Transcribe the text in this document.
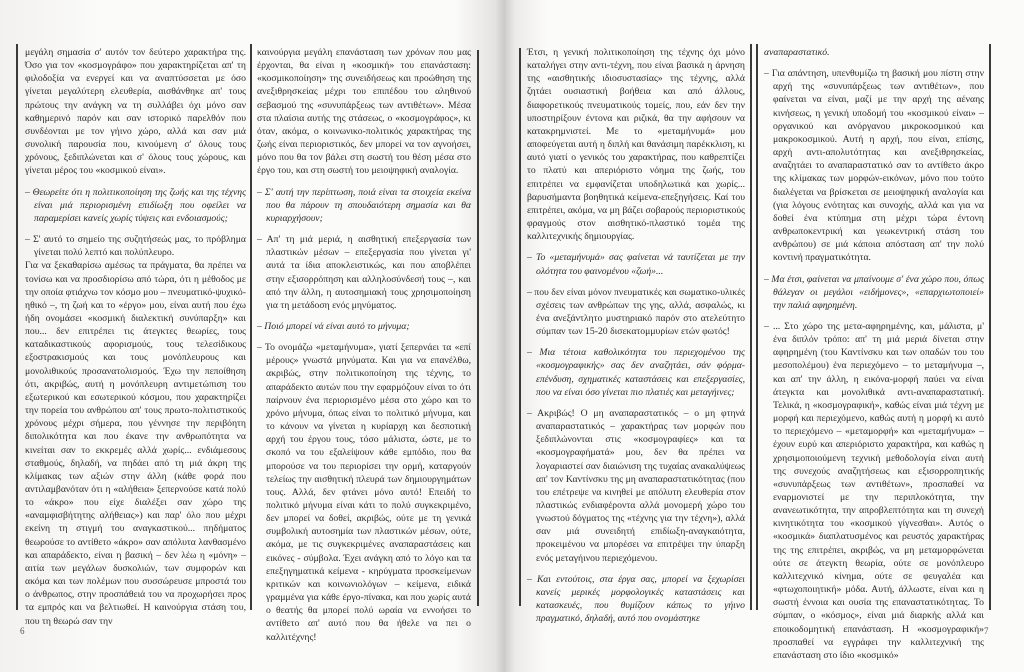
μεγάλη σημασία σ' αυτόν τον δεύτερο χαρακτήρα της. Όσο για τον «κοσμογράφο» που χαρακτηρίζεται απ' τη φιλοδοξία να ενεργεί και να αναπτύσσεται με όσο γίνεται μεγαλύτερη ελευθερία, αισθάνθηκε απ' τους πρώτους την ανάγκη να τη συλλάβει όχι μόνο σαν καθημερινό παρόν και σαν ιστορικό παρελθόν που συνδέονται με τον γήινο χώρο, αλλά και σαν μιά συνολική παρουσία που, κινούμενη σ' όλους τους χρόνους, ξεδιπλώνεται και σ' όλους τους χώρους, και γίνεται μέρος του «κοσμικού είναι».

– Θεωρείτε ότι η πολιτικοποίηση της ζωής και της τέχνης είναι μιά περιορισμένη επιδίωξη που οφείλει να παραμερίσει κανείς χωρίς τύψεις και ενδοιασμούς;

– Σ' αυτό το σημείο της συζητήσεώς μας, το πρόβλημα γίνεται πολύ λεπτό και πολύπλευρο.

Για να ξεκαθαρίσω αμέσως τα πράγματα, θα πρέπει να τονίσω και να προσδιορίσω από τώρα, ότι η μέθοδος με την οποία φτιάχνω τον κόσμο μου – πνευματικό-ψυχικό-ηθικό –, τη ζωή και το «έργο» μου, είναι αυτή που έχω ήδη ονομάσει «κοσμική διαλεκτική συνύπαρξη» και που... δεν επιτρέπει τις άτεγκτες θεωρίες, τους καταδικαστικούς αφορισμούς, τους τελεσίδικους εξοστρακισμούς και τους μονόπλευρους και μονολιθικούς προσανατολισμούς. Έχω την πεποίθηση ότι, ακριβώς, αυτή η μονόπλευρη αντιμετώπιση του εξωτερικού και εσωτερικού κόσμου, που χαρακτηρίζει την πορεία του ανθρώπου απ' τους πρωτο-πολιτιστικούς χρόνους μέχρι σήμερα, που γέννησε την περιβόητη διπολικότητα και που έκανε την ανθρωπότητα να κινείται σαν το εκκρεμές αλλά χωρίς... ενδιάμεσους σταθμούς, δηλαδή, να πηδάει από τη μιά άκρη της κλίμακας των αξιών στην άλλη (κάθε φορά που αντιλαμβανόταν ότι η «αλήθεια» ξεπερνούσε κατά πολύ το «άκρο» που είχε διαλέξει σαν χώρο της «αναμφισβήτητης αλήθειας») και παρ' όλο που μέχρι εκείνη τη στιγμή του αναγκαστικού... πηδήματος θεωρούσε το αντίθετο «άκρο» σαν απόλυτα λανθασμένο και απαράδεκτο, είναι η βασική – δεν λέω η «μόνη» – αιτία των μεγάλων δυσκολιών, των συμφορών και ακόμα και των πολέμων που συσσώρευσε μπροστά του ο άνθρωπος, στην προσπάθειά του να προχωρήσει προς τα εμπρός και να βελτιωθεί. Η καινούργια στάση του, που τη θεωρώ σαν την

καινούργια μεγάλη επανάσταση των χρόνων που μας έρχονται, θα είναι η «κοσμική» του επανάσταση: «κοσμικοποίηση» της συνειδήσεως και προώθηση της ανεξιθρησκείας μέχρι του επιπέδου του αληθινού σεβασμού της «συνυπάρξεως των αντιθέτων». Μέσα στα πλαίσια αυτής της στάσεως, ο «κοσμογράφος», κι όταν, ακόμα, ο κοινωνικο-πολιτικός χαρακτήρας της ζωής είναι περιοριστικός, δεν μπορεί να τον αγνοήσει, μόνο που θα τον βάλει στη σωστή του θέση μέσα στο έργο του, και στη σωστή του μειοψηφική αναλογία.

– Σ' αυτή την περίπτωση, ποιά είναι τα στοιχεία εκείνα που θα πάρουν τη σπουδαιότερη σημασία και θα κυριαρχήσουν;

– Απ' τη μιά μεριά, η αισθητική επεξεργασία των πλαστικών μέσων – επεξεργασία που γίνεται γι' αυτά τα ίδια αποκλειστικώς, και που αποβλέπει στην εξισορρόπηση και αλληλοσύνδεσή τους –, και από την άλλη, η αυτοσημιακή τους χρησιμοποίηση για τη μετάδοση ενός μηνύματος.

– Ποιό μπορεί νά είναι αυτό το μήνυμα;

– Το ονομάζω «μεταμήνυμα», γιατί ξεπερνάει τα «επί μέρους» γνωστά μηνύματα. Και για να επανέλθω, ακριβώς, στην πολιτικοποίηση της τέχνης, το απαράδεκτο αυτών που την εφαρμόζουν είναι το ότι παίρνουν ένα περιορισμένο μέσα στο χώρο και το χρόνο μήνυμα, όπως είναι το πολιτικό μήνυμα, και το κάνουν να γίνεται η κυρίαρχη και δεσποτική αρχή του έργου τους, τόσο μάλιστα, ώστε, με το σκοπό να του εξαλείψουν κάθε εμπόδιο, που θα μπορούσε να του περιορίσει την ορμή, καταργούν τελείως την αισθητική πλευρά των δημιουργημάτων τους. Αλλά, δεν φτάνει μόνο αυτό! Επειδή το πολιτικό μήνυμα είναι κάτι το πολύ συγκεκριμένο, δεν μπορεί να δοθεί, ακριβώς, ούτε με τη γενικά συμβολική αυτοσημία των πλαστικών μέσων, ούτε, ακόμα, με τις συγκεκριμένες αναπαραστάσεις και εικόνες - σύμβολα. Έχει ανάγκη από το λόγο και τα επεξηγηματικά κείμενα - κηρύγματα προσκείμενων κριτικών και κοινωνιολόγων – κείμενα, ειδικά γραμμένα για κάθε έργο-πίνακα, και που χωρίς αυτά ο θεατής θα μπορεί πολύ ωραία να εννοήσει το αντίθετο απ' αυτό που θα ήθελε να πει ο καλλιτέχνης!

Έτσι, η γενική πολιτικοποίηση της τέχνης όχι μόνο καταλήγει στην αντι-τέχνη, που είναι βασικά η άρνηση της «αισθητικής ιδιοσυστασίας» της τέχνης, αλλά ζητάει ουσιαστική βοήθεια και από άλλους, διαφορετικούς πνευματικούς τομείς, που, εάν δεν την υποστηρίξουν έντονα και ριζικά, θα την αφήσουν να κατακρημνιστεί. Με το «μεταμήνυμά» μου αποφεύγεται αυτή η διπλή και θανάσιμη παρέκκλιση, κι αυτό γιατί ο γενικός του χαρακτήρας, που καθρεπτίζει το πλατύ και απεριόριστο νόημα της ζωής, του επιτρέπει να εμφανίζεται υποδηλωτικά και χωρίς... βαρυσήμαντα βοηθητικά κείμενα-επεξηγήσεις. Καί του επιτρέπει, ακόμα, να μη βάζει σοβαρούς περιοριστικούς φραγμούς στον αισθητικό-πλαστικό τομέα της καλλιτεχνικής δημιουργίας.

– Το «μεταμήνυμά» σας φαίνεται νά ταυτίζεται με την ολότητα του φαινομένου «ζωή»...

– που δεν είναι μόνον πνευματικές και σωματικο-υλικές σχέσεις των ανθρώπων της γης, αλλά, ασφαλώς, κι ένα ανεξάντλητο μυστηριακό παρόν στο ατελεύτητο σύμπαν των 15-20 δισεκατομμυρίων ετών φωτός!

– Μια τέτοια καθολικότητα του περιεχομένου της «κοσμογραφικής» σας δεν αναζητάει, σάν φόρμα-επένδυση, σχηματικές καταστάσεις και επεξεργασίες, που να είναι όσο γίνεται πιο πλατιές και μεταγήινες;

– Ακριβώς! Ο μη αναπαραστατικός – ο μη φτηνά αναπαραστατικός – χαρακτήρας των μορφών που ξεδιπλώνονται στις «κοσμογραφίες» και τα «κοσμογραφήματά» μου, δεν θα πρέπει να λογαριαστεί σαν διαιώνιση της τυχαίας ανακαλύψεως απ' τον Καντίνσκυ της μη αναπαραστατικότητας (που του επέτρεψε να κινηθεί με απόλυτη ελευθερία στον πλαστικώς ενδιαφέροντα αλλά μονομερή χώρο του γνωστού δόγματος της «τέχνης για την τέχνη»), αλλά σαν μιά συνειδητή επιδίωξη-αναγκαιότητα, προκειμένου να μπορέσει να επιτρέψει την ύπαρξη ενός μεταγήινου περιεχόμενου.

– Και εντούτοις, στα έργα σας, μπορεί να ξεχωρίσει κανείς μερικές μορφολογικές καταστάσεις και κατασκευές, που θυμίζουν κάπως το γήινο πραγματικό, δηλαδή, αυτό που ονομάστηκε

αναπαραστατικό.

– Για απάντηση, υπενθυμίζω τη βασική μου πίστη στην αρχή της «συνυπάρξεως των αντιθέτων», που φαίνεται να είναι, μαζί με την αρχή της αέναης κινήσεως, η γενική υποδομή του «κοσμικού είναι» – οργανικού και ανόργανου μικροκοσμικού και μακροκοσμικού. Αυτή η αρχή, που είναι, επίσης, αρχή αντι-απολυτότητας και ανεξιθρησκείας, αναζητάει το αναπαραστατικό σαν το αντίθετο άκρο της κλίμακας των μορφών-εικόνων, μόνο που τούτο διαλέγεται να βρίσκεται σε μειοψηφική αναλογία και (για λόγους ενότητας και συνοχής, αλλά και για να δοθεί ένα κτύπημα στη μέχρι τώρα έντονη ανθρωποκεντρική και γεωκεντρική στάση του ανθρώπου) σε μιά κάποια απόσταση απ' την πολύ κοντινή πραγματικότητα.

– Μα έτσι, φαίνεται να μπαίνουμε σ' ένα χώρο που, όπως θάλεγαν οι μεγάλοι «ειδήμονες», «επαρχιωτοποιεί» την παλιά αφηρημένη.

– ... Στο χώρο της μετα-αφηρημένης, και, μάλιστα, μ' ένα διπλόν τρόπο: απ' τη μιά μεριά δίνεται στην αφηρημένη (του Καντίνσκυ και των οπαδών του του μεσοπολέμου) ένα περιεχόμενο – το μεταμήνυμα –, και απ' την άλλη, η εικόνα-μορφή παύει να είναι άτεγκτα και μονολιθικά αντι-αναπαραστατική. Τελικά, η «κοσμογραφική», καθώς είναι μιά τέχνη με μορφή και περιεχόμενο, καθώς αυτή η μορφή κι αυτό το περιεχόμενο – «μεταμορφή» και «μεταμήνυμα» – έχουν ευρύ και απεριόριστο χαρακτήρα, και καθώς η χρησιμοποιούμενη τεχνική μεθοδολογία είναι αυτή της συνεχούς αναζητήσεως και εξισορροπητικής «συνυπάρξεως των αντιθέτων», προσπαθεί να εναρμονιστεί με την περιπλοκότητα, την ανανεωτικότητα, την απροβλεπτότητα και τη συνεχή κινητικότητα του «κοσμικού γίγνεσθαι». Αυτός ο «κοσμικά» διαπλατυσμένος και ρευστός χαρακτήρας της της επιτρέπει, ακριβώς, να μη μεταμορφώνεται ούτε σε άτεγκτη θεωρία, ούτε σε μονόπλευρο καλλιτεχνικό κίνημα, ούτε σε φευγαλέα και «φτωχοποιητική» μόδα. Αυτή, άλλωστε, είναι και η σωστή έννοια και ουσία της επαναστατικότητας. Το σύμπαν, ο «κόσμος», είναι μιά διαρκής αλλά και εποικοδομητική επανάσταση. Η «κοσμογραφική» προσπαθεί να εγγράφει την καλλιτεχνική της επανάσταση στο ίδιο «κοσμικό»

6	7
